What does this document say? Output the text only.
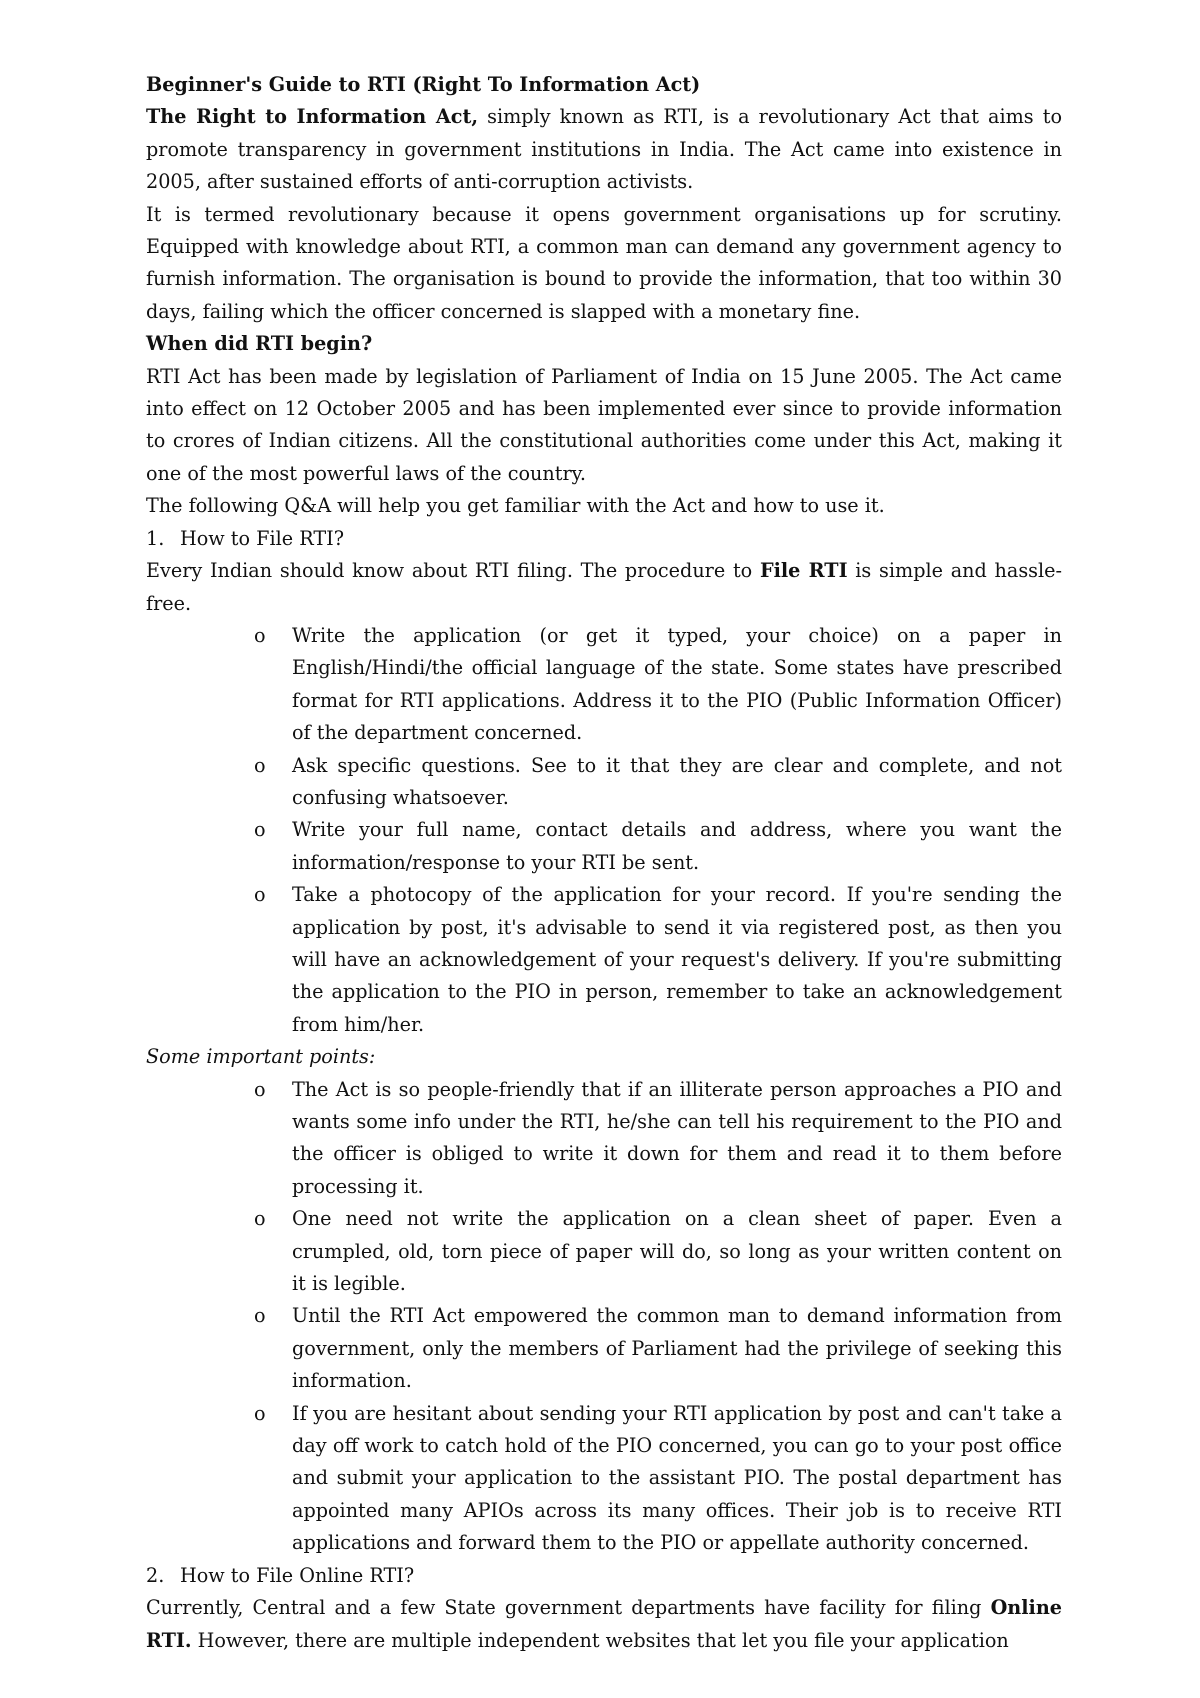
Beginner's Guide to RTI (Right To Information Act)

The Right to Information Act, simply known as RTI, is a revolutionary Act that aims to promote transparency in government institutions in India. The Act came into existence in 2005, after sustained efforts of anti-corruption activists.

It is termed revolutionary because it opens government organisations up for scrutiny. Equipped with knowledge about RTI, a common man can demand any government agency to furnish information. The organisation is bound to provide the information, that too within 30 days, failing which the officer concerned is slapped with a monetary fine.

When did RTI begin?

RTI Act has been made by legislation of Parliament of India on 15 June 2005. The Act came into effect on 12 October 2005 and has been implemented ever since to provide information to crores of Indian citizens. All the constitutional authorities come under this Act, making it one of the most powerful laws of the country.

The following Q&A will help you get familiar with the Act and how to use it.

1. How to File RTI?

Every Indian should know about RTI filing. The procedure to File RTI is simple and hassle-free.

o Write the application (or get it typed, your choice) on a paper in English/Hindi/the official language of the state. Some states have prescribed format for RTI applications. Address it to the PIO (Public Information Officer) of the department concerned.
o Ask specific questions. See to it that they are clear and complete, and not confusing whatsoever.
o Write your full name, contact details and address, where you want the information/response to your RTI be sent.
o Take a photocopy of the application for your record. If you're sending the application by post, it's advisable to send it via registered post, as then you will have an acknowledgement of your request's delivery. If you're submitting the application to the PIO in person, remember to take an acknowledgement from him/her.

Some important points:

o The Act is so people-friendly that if an illiterate person approaches a PIO and wants some info under the RTI, he/she can tell his requirement to the PIO and the officer is obliged to write it down for them and read it to them before processing it.
o One need not write the application on a clean sheet of paper. Even a crumpled, old, torn piece of paper will do, so long as your written content on it is legible.
o Until the RTI Act empowered the common man to demand information from government, only the members of Parliament had the privilege of seeking this information.
o If you are hesitant about sending your RTI application by post and can't take a day off work to catch hold of the PIO concerned, you can go to your post office and submit your application to the assistant PIO. The postal department has appointed many APIOs across its many offices. Their job is to receive RTI applications and forward them to the PIO or appellate authority concerned.

2. How to File Online RTI?

Currently, Central and a few State government departments have facility for filing Online RTI. However, there are multiple independent websites that let you file your application
